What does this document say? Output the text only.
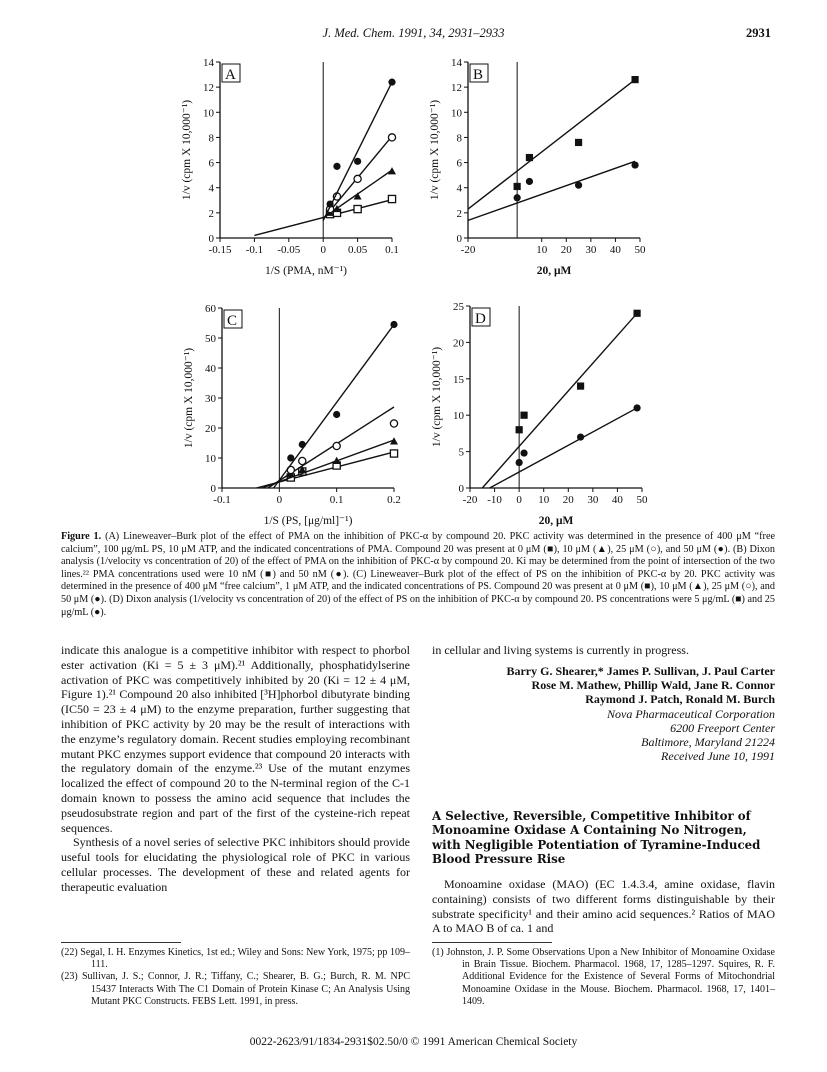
J. Med. Chem. 1991, 34, 2931–2933	2931
A
0
2
4
6
8
10
12
14
-0.15 -0.1 -0.05 0 0.05 0.1
1/S (PMA, nM⁻¹)
1/v (cpm X 10,000⁻¹)
B
0
2
4
6
8
10
12
14
-20	10 20 30 40 50
20, μM
1/v (cpm X 10,000⁻¹)
C
0
10
20
30
40
50
60
-0.1	0	0.1	0.2
1/S (PS, [μg/ml]⁻¹)
1/v (cpm X 10,000⁻¹)
D
0
5
10
15
20
25
-20 -10 0 10 20 30 40 50
20, μM
1/v (cpm X 10,000⁻¹)
Figure 1. (A) Lineweaver–Burk plot of the effect of PMA on the inhibition of PKC-α by compound 20. PKC activity was determined in the presence of 400 μM “free calcium”, 100 μg/mL PS, 10 μM ATP, and the indicated concentrations of PMA. Compound 20 was present at 0 μM (■), 10 μM (▲), 25 μM (○), and 50 μM (●). (B) Dixon analysis (1/velocity vs concentration of 20) of the effect of PMA on the inhibition of PKC-α by compound 20. Ki may be determined from the point of intersection of the two lines.²² PMA concentrations used were 10 nM (■) and 50 nM (●). (C) Lineweaver–Burk plot of the effect of PS on the inhibition of PKC-α by 20. PKC activity was determined in the presence of 400 μM “free calcium”, 1 μM ATP, and the indicated concentrations of PS. Compound 20 was present at 0 μM (■), 10 μM (▲), 25 μM (○), and 50 μM (●). (D) Dixon analysis (1/velocity vs concentration of 20) of the effect of PS on the inhibition of PKC-α by compound 20. PS concentrations were 5 μg/mL (■) and 25 μg/mL (●).

indicate this analogue is a competitive inhibitor with respect to phorbol ester activation (Ki = 5 ± 3 μM).²¹ Additionally, phosphatidylserine activation of PKC was competitively inhibited by 20 (Ki = 12 ± 4 μM, Figure 1).²¹ Compound 20 also inhibited [³H]phorbol dibutyrate binding (IC50 = 23 ± 4 μM) to the enzyme preparation, further suggesting that inhibition of PKC activity by 20 may be the result of interactions with the enzyme’s regulatory domain. Recent studies employing recombinant mutant PKC enzymes support evidence that compound 20 interacts with the regulatory domain of the enzyme.²³ Use of the mutant enzymes localized the effect of compound 20 to the N-terminal region of the C-1 domain known to possess the amino acid sequence that includes the pseudosubstrate region and part of the first of the cysteine-rich repeat sequences.

Synthesis of a novel series of selective PKC inhibitors should provide useful tools for elucidating the physiological role of PKC in various cellular processes. The development of these and related agents for therapeutic evaluation

in cellular and living systems is currently in progress.

Barry G. Shearer,* James P. Sullivan, J. Paul Carter
Rose M. Mathew, Phillip Wald, Jane R. Connor
Raymond J. Patch, Ronald M. Burch
Nova Pharmaceutical Corporation
6200 Freeport Center
Baltimore, Maryland 21224
Received June 10, 1991
A Selective, Reversible, Competitive Inhibitor of Monoamine Oxidase A Containing No Nitrogen, with Negligible Potentiation of Tyramine-Induced Blood Pressure Rise

Monoamine oxidase (MAO) (EC 1.4.3.4, amine oxidase, flavin containing) consists of two different forms distinguishable by their substrate specificity¹ and their amino acid sequences.² Ratios of MAO A to MAO B of ca. 1 and

(22) Segal, I. H. Enzymes Kinetics, 1st ed.; Wiley and Sons: New York, 1975; pp 109–111.

(23) Sullivan, J. S.; Connor, J. R.; Tiffany, C.; Shearer, B. G.; Burch, R. M. NPC 15437 Interacts With The C1 Domain of Protein Kinase C; An Analysis Using Mutant PKC Constructs. FEBS Lett. 1991, in press.

(1) Johnston, J. P. Some Observations Upon a New Inhibitor of Monoamine Oxidase in Brain Tissue. Biochem. Pharmacol. 1968, 17, 1285–1297. Squires, R. F. Additional Evidence for the Existence of Several Forms of Mitochondrial Monoamine Oxidase in the Mouse. Biochem. Pharmacol. 1968, 17, 1401–1409.

0022-2623/91/1834-2931$02.50/0 © 1991 American Chemical Society
